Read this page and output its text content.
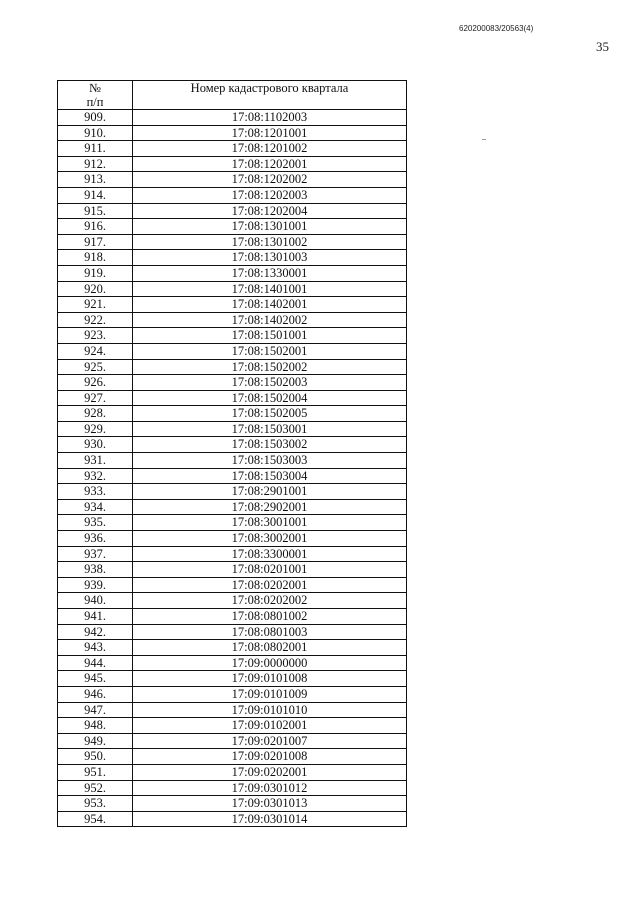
620200083/20563(4)
35
№
п/п	Номер кадастрового квартала
909.	17:08:1102003
910.	17:08:1201001
911.	17:08:1201002
912.	17:08:1202001
913.	17:08:1202002
914.	17:08:1202003
915.	17:08:1202004
916.	17:08:1301001
917.	17:08:1301002
918.	17:08:1301003
919.	17:08:1330001
920.	17:08:1401001
921.	17:08:1402001
922.	17:08:1402002
923.	17:08:1501001
924.	17:08:1502001
925.	17:08:1502002
926.	17:08:1502003
927.	17:08:1502004
928.	17:08:1502005
929.	17:08:1503001
930.	17:08:1503002
931.	17:08:1503003
932.	17:08:1503004
933.	17:08:2901001
934.	17:08:2902001
935.	17:08:3001001
936.	17:08:3002001
937.	17:08:3300001
938.	17:08:0201001
939.	17:08:0202001
940.	17:08:0202002
941.	17:08:0801002
942.	17:08:0801003
943.	17:08:0802001
944.	17:09:0000000
945.	17:09:0101008
946.	17:09:0101009
947.	17:09:0101010
948.	17:09:0102001
949.	17:09:0201007
950.	17:09:0201008
951.	17:09:0202001
952.	17:09:0301012
953.	17:09:0301013
954.	17:09:0301014
